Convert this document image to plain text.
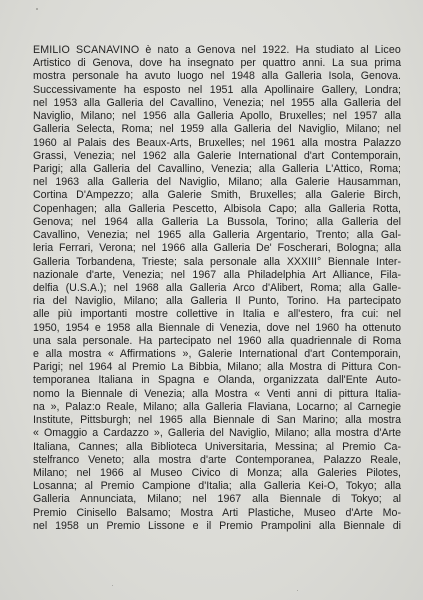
EMILIO SCANAVINO è nato a Genova nel 1922. Ha studiato al Liceo
Artistico di Genova, dove ha insegnato per quattro anni. La sua prima
mostra personale ha avuto luogo nel 1948 alla Galleria Isola, Genova.
Successivamente ha esposto nel 1951 alla Apollinaire Gallery, Londra;
nel 1953 alla Galleria del Cavallino, Venezia; nel 1955 alla Galleria del
Naviglio, Milano; nel 1956 alla Galleria Apollo, Bruxelles; nel 1957 alla
Galleria Selecta, Roma; nel 1959 alla Galleria del Naviglio, Milano; nel
1960 al Palais des Beaux-Arts, Bruxelles; nel 1961 alla mostra Palazzo
Grassi, Venezia; nel 1962 alla Galerie International d'art Contemporain,
Parigi; alla Galleria del Cavallino, Venezia; alla Galleria L'Attico, Roma;
nel 1963 alla Galleria del Naviglio, Milano; alla Galerie Hausamman,
Cortina D'Ampezzo; alla Galerie Smith, Bruxelles; alla Galerie Birch,
Copenhagen; alla Galleria Pescetto, Albisola Capo; alla Galleria Rotta,
Genova; nel 1964 alla Galleria La Bussola, Torino; alla Galleria del
Cavallino, Venezia; nel 1965 alla Galleria Argentario, Trento; alla Gal-
leria Ferrari, Verona; nel 1966 alla Galleria De' Foscherari, Bologna; alla
Galleria Torbandena, Trieste; sala personale alla XXXIII° Biennale Inter-
nazionale d'arte, Venezia; nel 1967 alla Philadelphia Art Alliance, Fila-
delfia (U.S.A.); nel 1968 alla Galleria Arco d'Alibert, Roma; alla Galle-
ria del Naviglio, Milano; alla Galleria Il Punto, Torino. Ha partecipato
alle più importanti mostre collettive in Italia e all'estero, fra cui: nel
1950, 1954 e 1958 alla Biennale di Venezia, dove nel 1960 ha ottenuto
una sala personale. Ha partecipato nel 1960 alla quadriennale di Roma
e alla mostra « Affirmations », Galerie International d'art Contemporain,
Parigi; nel 1964 al Premio La Bibbia, Milano; alla Mostra di Pittura Con-
temporanea Italiana in Spagna e Olanda, organizzata dall'Ente Auto-
nomo la Biennale di Venezia; alla Mostra « Venti anni di pittura Italia-
na », Palaz:o Reale, Milano; alla Galleria Flaviana, Locarno; al Carnegie
Institute, Pittsburgh; nel 1965 alla Biennale di San Marino; alla mostra
« Omaggio a Cardazzo », Galleria del Naviglio, Milano; alla mostra d'Arte
Italiana, Cannes; alla Biblioteca Universitaria, Messina; al Premio Ca-
stelfranco Veneto; alla mostra d'arte Contemporanea, Palazzo Reale,
Milano; nel 1966 al Museo Civico di Monza; alla Galeries Pilotes,
Losanna; al Premio Campione d'Italia; alla Galleria Kei-O, Tokyo; alla
Galleria Annunciata, Milano; nel 1967 alla Biennale di Tokyo; al
Premio Cinisello Balsamo; Mostra Arti Plastiche, Museo d'Arte Mo-
nel 1958 un Premio Lissone e il Premio Prampolini alla Biennale di
